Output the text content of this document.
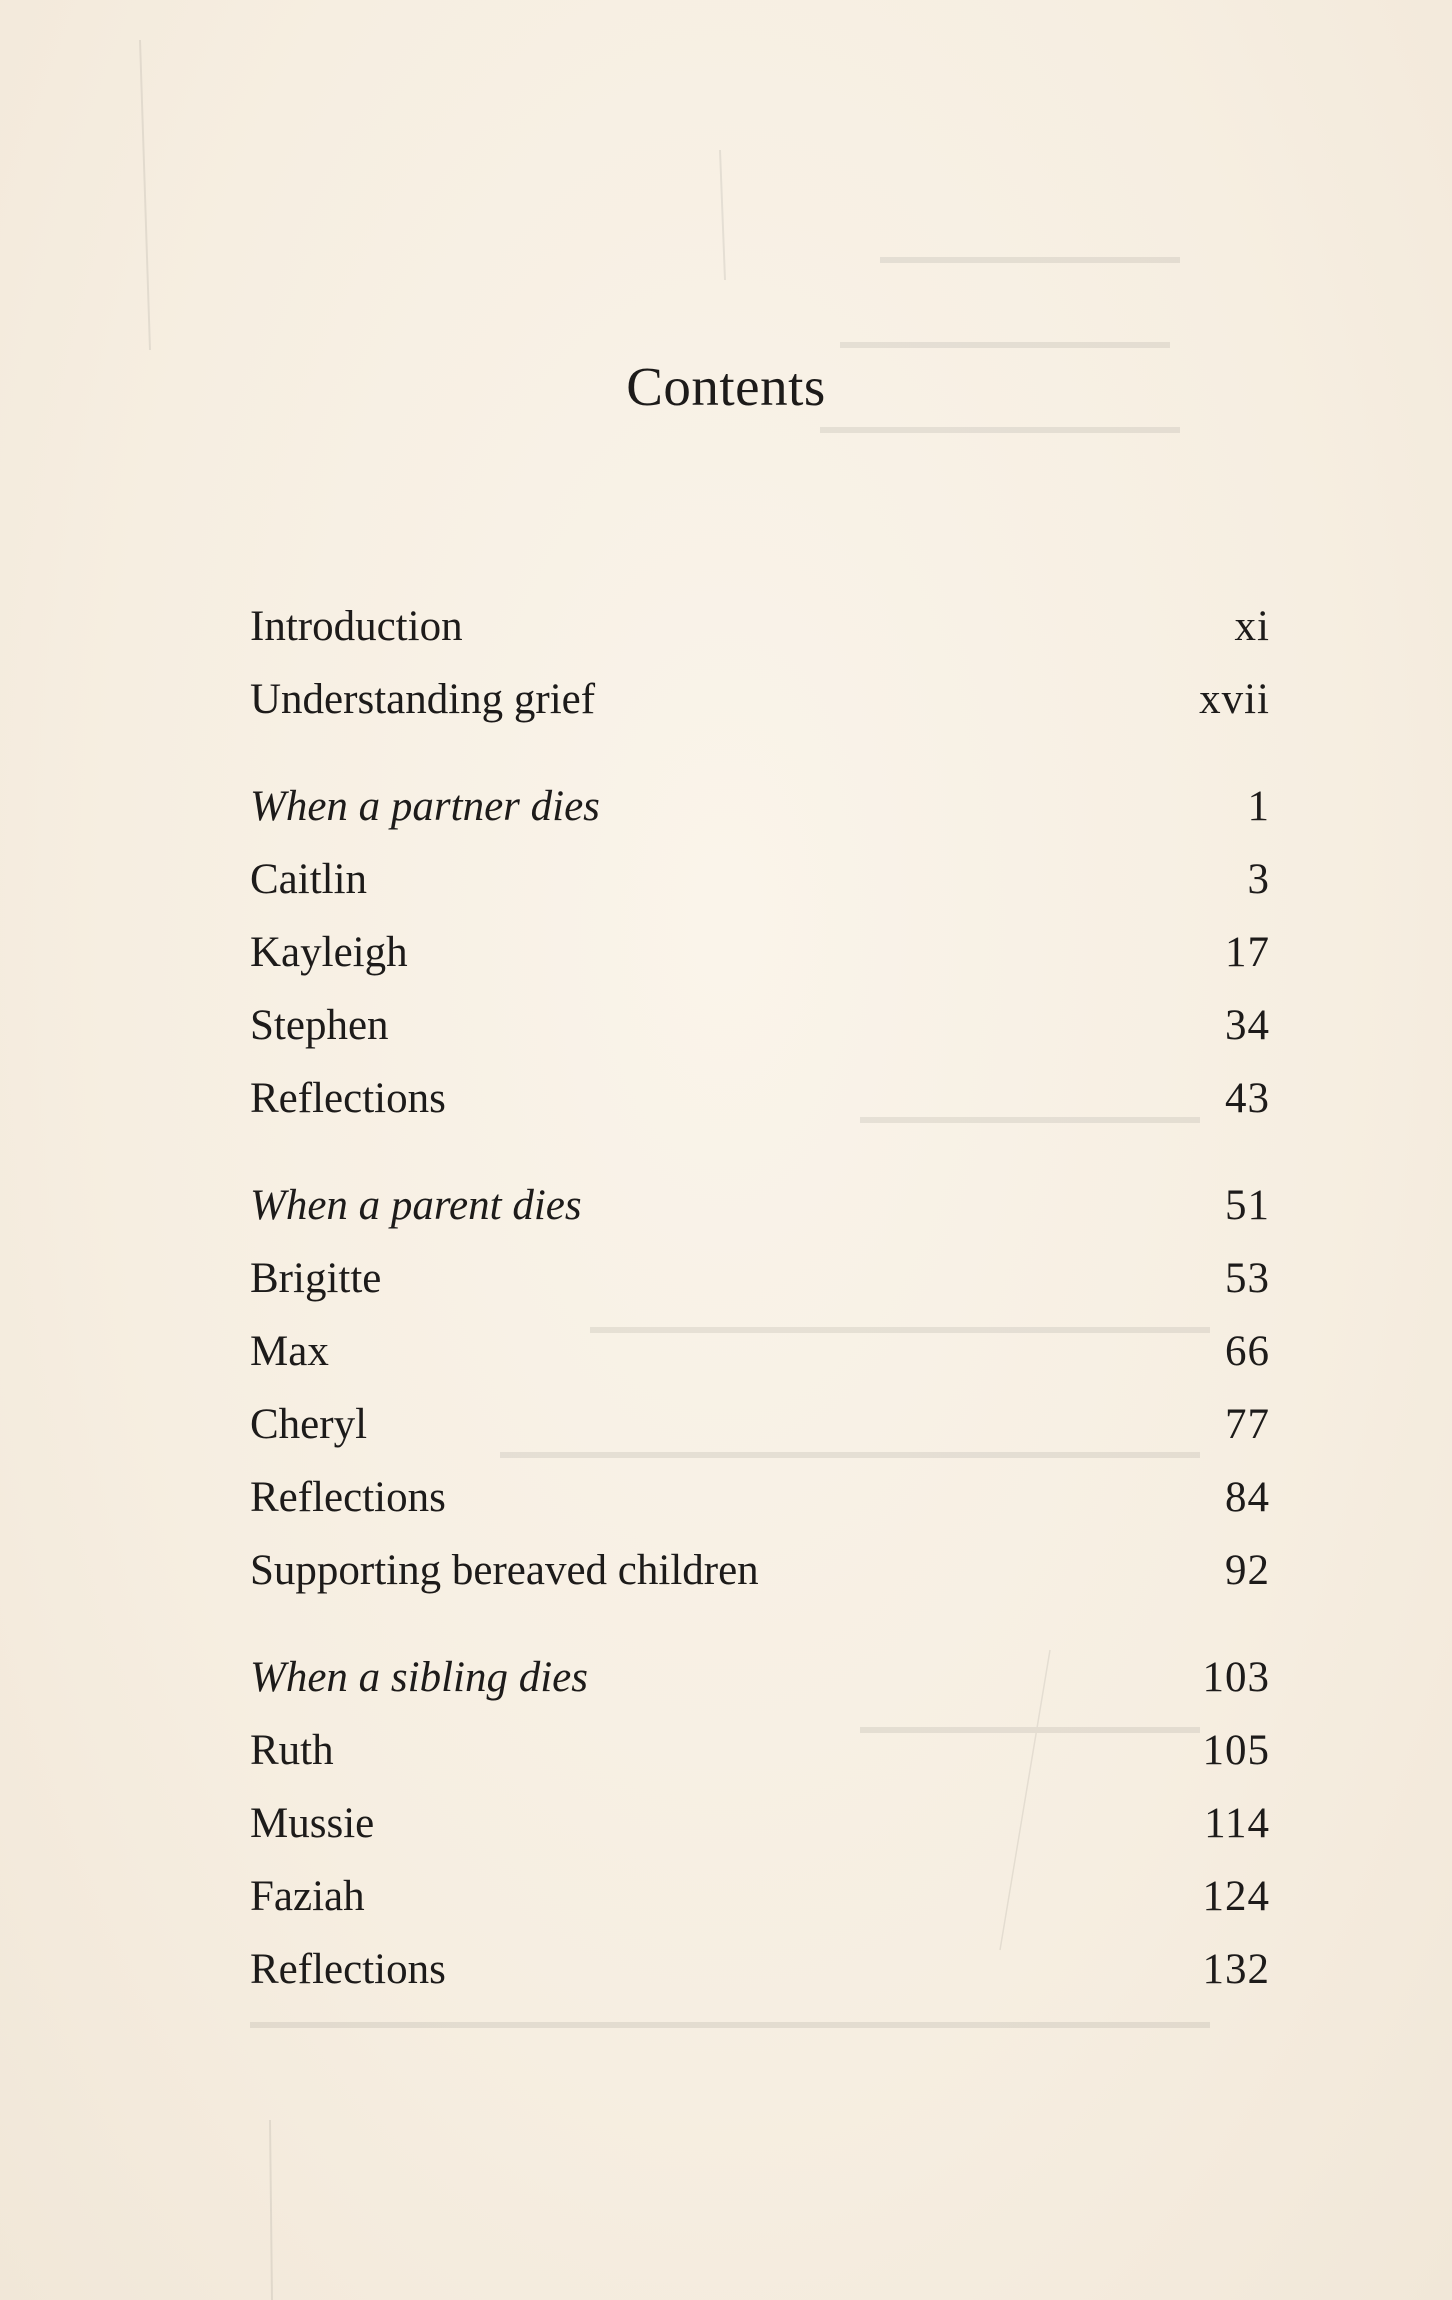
Contents
Introduction	xi
Understanding grief	xvii
When a partner dies	1
Caitlin	3
Kayleigh	17
Stephen	34
Reflections	43
When a parent dies	51
Brigitte	53
Max	66
Cheryl	77
Reflections	84
Supporting bereaved children	92
When a sibling dies	103
Ruth	105
Mussie	114
Faziah	124
Reflections	132
